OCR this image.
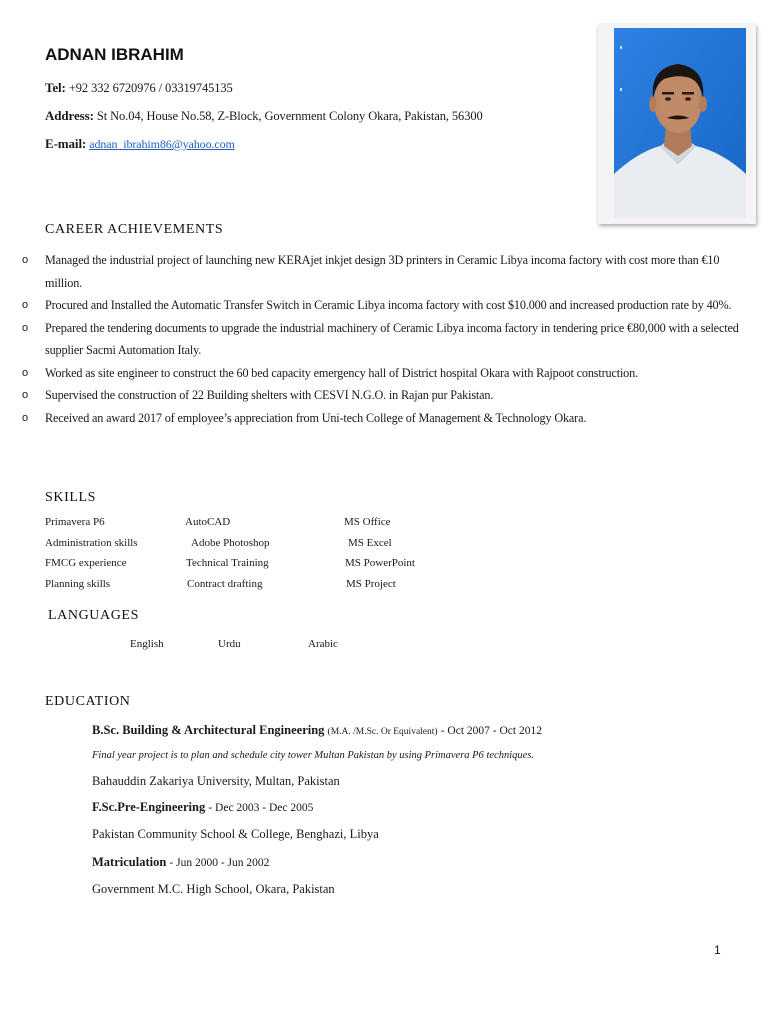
ADNAN IBRAHIM
Tel: +92 332 6720976 / 03319745135
Address: St No.04, House No.58, Z-Block, Government Colony Okara, Pakistan, 56300
E-mail: adnan_ibrahim86@yahoo.com
CAREER ACHIEVEMENTS
o Managed the industrial project of launching new KERAjet inkjet design 3D printers in Ceramic Libya incoma factory with cost more than €10 million.
o Procured and Installed the Automatic Transfer Switch in Ceramic Libya incoma factory with cost $10.000 and increased production rate by 40%.
o Prepared the tendering documents to upgrade the industrial machinery of Ceramic Libya incoma factory in tendering price €80,000 with a selected supplier Sacmi Automation Italy.
o Worked as site engineer to construct the 60 bed capacity emergency hall of District hospital Okara with Rajpoot construction.
o Supervised the construction of 22 Building shelters with CESVI N.G.O. in Rajan pur Pakistan.
o Received an award 2017 of employee’s appreciation from Uni-tech College of Management & Technology Okara.
SKILLS
Primavera P6	AutoCAD	MS Office
Administration skills	Adobe Photoshop	MS Excel
FMCG experience	Technical Training	MS PowerPoint
Planning skills	Contract drafting	MS Project
LANGUAGES
English	Urdu	Arabic
EDUCATION
B.Sc. Building & Architectural Engineering (M.A. /M.Sc. Or Equivalent) - Oct 2007 - Oct 2012
Final year project is to plan and schedule city tower Multan Pakistan by using Primavera P6 techniques.
Bahauddin Zakariya University, Multan, Pakistan
F.Sc.Pre-Engineering - Dec 2003 - Dec 2005
Pakistan Community School & College, Benghazi, Libya
Matriculation - Jun 2000 - Jun 2002
Government M.C. High School, Okara, Pakistan
1
